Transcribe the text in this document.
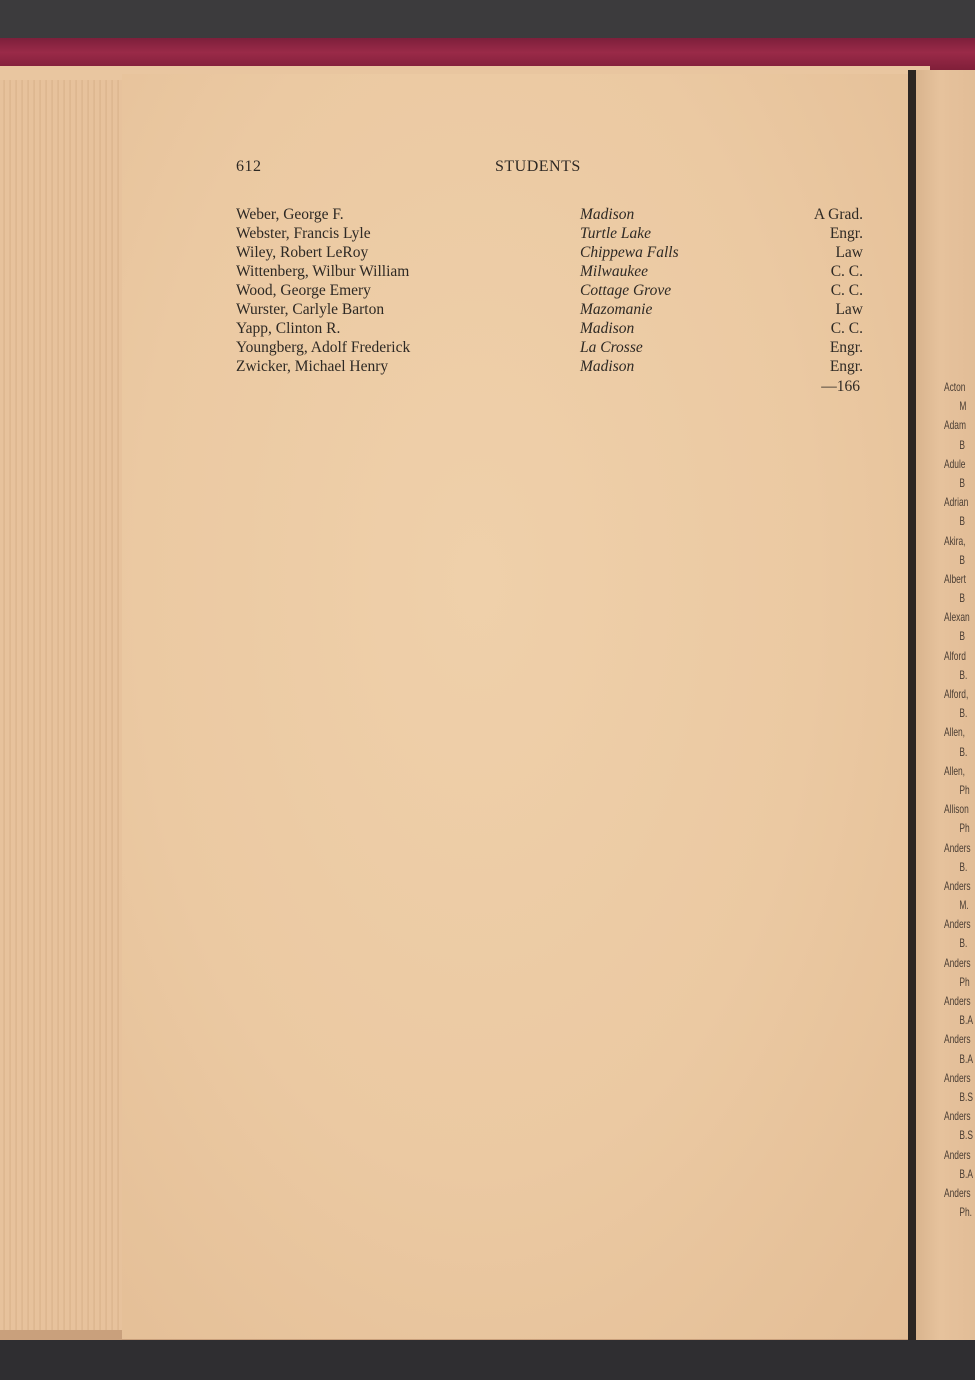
612	STUDENTS
Weber, George F.	Madison	A Grad.
Webster, Francis Lyle	Turtle Lake	Engr.
Wiley, Robert LeRoy	Chippewa Falls	Law
Wittenberg, Wilbur William	Milwaukee	C. C.
Wood, George Emery	Cottage Grove	C. C.
Wurster, Carlyle Barton	Mazomanie	Law
Yapp, Clinton R.	Madison	C. C.
Youngberg, Adolf Frederick	La Crosse	Engr.
Zwicker, Michael Henry	Madison	Engr.
—166	Acton
M
Adam
B
Adule
B
Adrian
B
Akira,
B
Albert
B
Alexan
B
Alford
B.
Alford,
B.
Allen,
B.
Allen,
Ph
Allison
Ph
Anders
B.
Anders
M.
Anders
B.
Anders
Ph
Anders
B.A
Anders
B.A
Anders
B.S
Anders
B.S
Anders
B.A
Anders
Ph.
